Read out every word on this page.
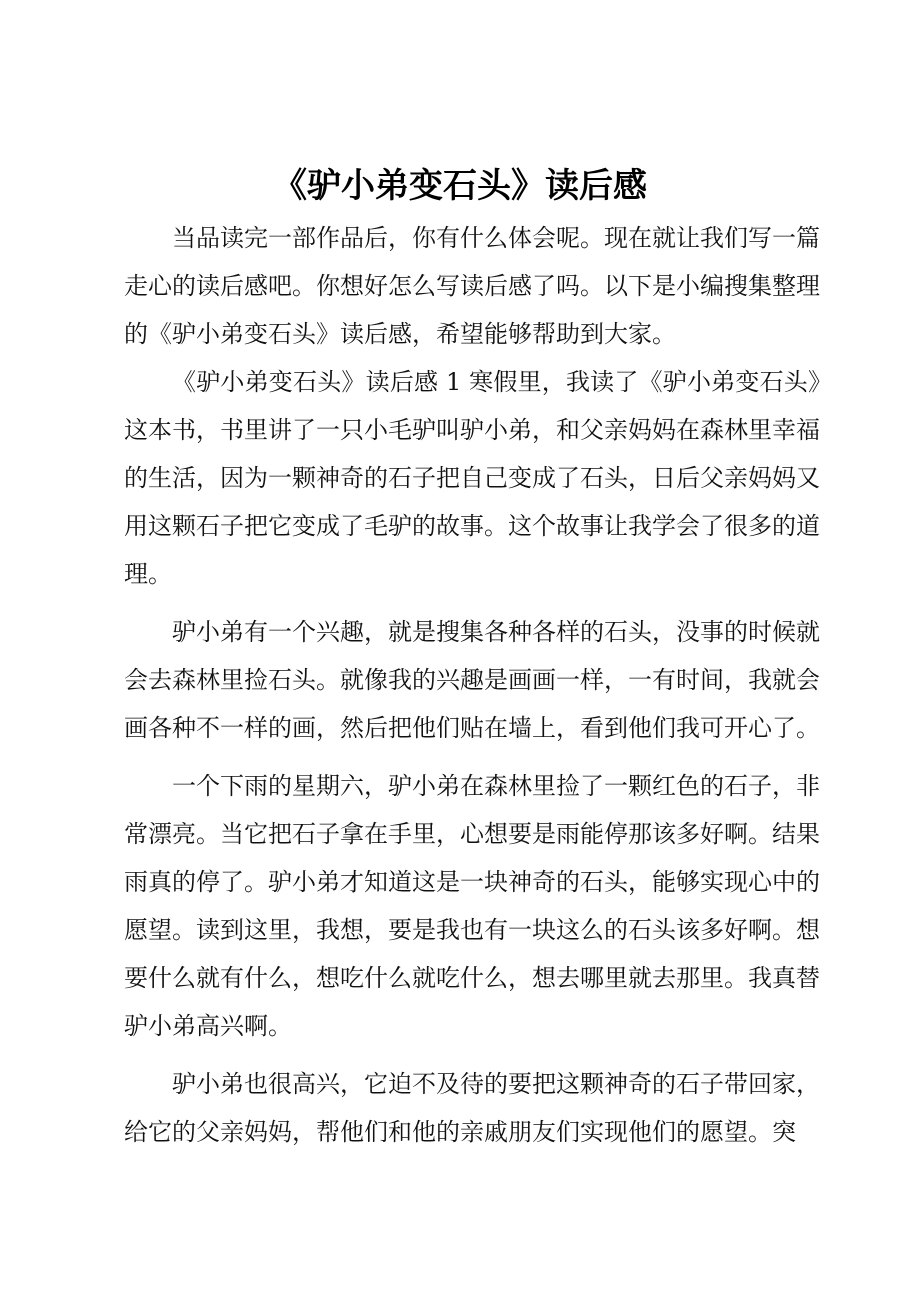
《驴小弟变石头》读后感

当品读完一部作品后，你有什么体会呢。现在就让我们写一篇走心的读后感吧。你想好怎么写读后感了吗。以下是小编搜集整理的《驴小弟变石头》读后感，希望能够帮助到大家。

《驴小弟变石头》读后感 1 寒假里，我读了《驴小弟变石头》这本书，书里讲了一只小毛驴叫驴小弟，和父亲妈妈在森林里幸福的生活，因为一颗神奇的石子把自己变成了石头，日后父亲妈妈又用这颗石子把它变成了毛驴的故事。这个故事让我学会了很多的道理。

驴小弟有一个兴趣，就是搜集各种各样的石头，没事的时候就会去森林里捡石头。就像我的兴趣是画画一样，一有时间，我就会画各种不一样的画，然后把他们贴在墙上，看到他们我可开心了。

一个下雨的星期六，驴小弟在森林里捡了一颗红色的石子，非常漂亮。当它把石子拿在手里，心想要是雨能停那该多好啊。结果雨真的停了。驴小弟才知道这是一块神奇的石头，能够实现心中的愿望。读到这里，我想，要是我也有一块这么的石头该多好啊。想要什么就有什么，想吃什么就吃什么，想去哪里就去那里。我真替驴小弟高兴啊。

驴小弟也很高兴，它迫不及待的要把这颗神奇的石子带回家，给它的父亲妈妈，帮他们和他的亲戚朋友们实现他们的愿望。突
